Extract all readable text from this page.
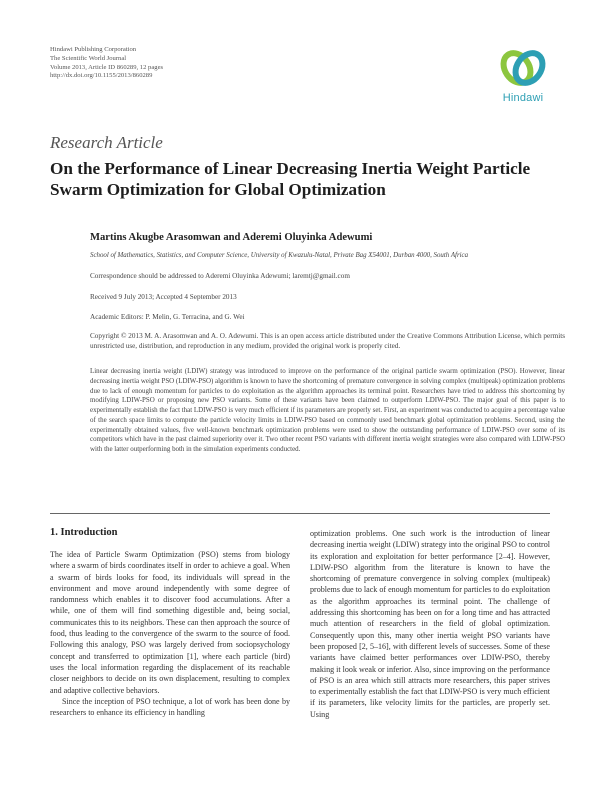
Hindawi Publishing Corporation
The Scientific World Journal
Volume 2013, Article ID 860289, 12 pages
http://dx.doi.org/10.1155/2013/860289
Hindawi
Research Article
On the Performance of Linear Decreasing Inertia Weight Particle Swarm Optimization for Global Optimization
Martins Akugbe Arasomwan and Aderemi Oluyinka Adewumi
School of Mathematics, Statistics, and Computer Science, University of Kwazulu-Natal, Private Bag X54001, Durban 4000, South Africa
Correspondence should be addressed to Aderemi Oluyinka Adewumi; laremtj@gmail.com
Received 9 July 2013; Accepted 4 September 2013
Academic Editors: P. Melin, G. Terracina, and G. Wei
Copyright © 2013 M. A. Arasomwan and A. O. Adewumi. This is an open access article distributed under the Creative Commons Attribution License, which permits unrestricted use, distribution, and reproduction in any medium, provided the original work is properly cited.
Linear decreasing inertia weight (LDIW) strategy was introduced to improve on the performance of the original particle swarm optimization (PSO). However, linear decreasing inertia weight PSO (LDIW-PSO) algorithm is known to have the shortcoming of premature convergence in solving complex (multipeak) optimization problems due to lack of enough momentum for particles to do exploitation as the algorithm approaches its terminal point. Researchers have tried to address this shortcoming by modifying LDIW-PSO or proposing new PSO variants. Some of these variants have been claimed to outperform LDIW-PSO. The major goal of this paper is to experimentally establish the fact that LDIW-PSO is very much efficient if its parameters are properly set. First, an experiment was conducted to acquire a percentage value of the search space limits to compute the particle velocity limits in LDIW-PSO based on commonly used benchmark global optimization problems. Second, using the experimentally obtained values, five well-known benchmark optimization problems were used to show the outstanding performance of LDIW-PSO over some of its competitors which have in the past claimed superiority over it. Two other recent PSO variants with different inertia weight strategies were also compared with LDIW-PSO with the latter outperforming both in the simulation experiments conducted.
1. Introduction

The idea of Particle Swarm Optimization (PSO) stems from biology where a swarm of birds coordinates itself in order to achieve a goal. When a swarm of birds looks for food, its individuals will spread in the environment and move around independently with some degree of randomness which enables it to discover food accumulations. After a while, one of them will find something digestible and, being social, communicates this to its neighbors. These can then approach the source of food, thus leading to the convergence of the swarm to the source of food. Following this analogy, PSO was largely derived from sociopsychology concept and transferred to optimization [1], where each particle (bird) uses the local information regarding the displacement of its reachable closer neighbors to decide on its own displacement, resulting to complex and adaptive collective behaviors.

Since the inception of PSO technique, a lot of work has been done by researchers to enhance its efficiency in handling

optimization problems. One such work is the introduction of linear decreasing inertia weight (LDIW) strategy into the original PSO to control its exploration and exploitation for better performance [2–4]. However, LDIW-PSO algorithm from the literature is known to have the shortcoming of premature convergence in solving complex (multipeak) problems due to lack of enough momentum for particles to do exploitation as the algorithm approaches its terminal point. The challenge of addressing this shortcoming has been on for a long time and has attracted much attention of researchers in the field of global optimization. Consequently upon this, many other inertia weight PSO variants have been proposed [2, 5–16], with different levels of successes. Some of these variants have claimed better performances over LDIW-PSO, thereby making it look weak or inferior. Also, since improving on the performance of PSO is an area which still attracts more researchers, this paper strives to experimentally establish the fact that LDIW-PSO is very much efficient if its parameters, like velocity limits for the particles, are properly set. Using
